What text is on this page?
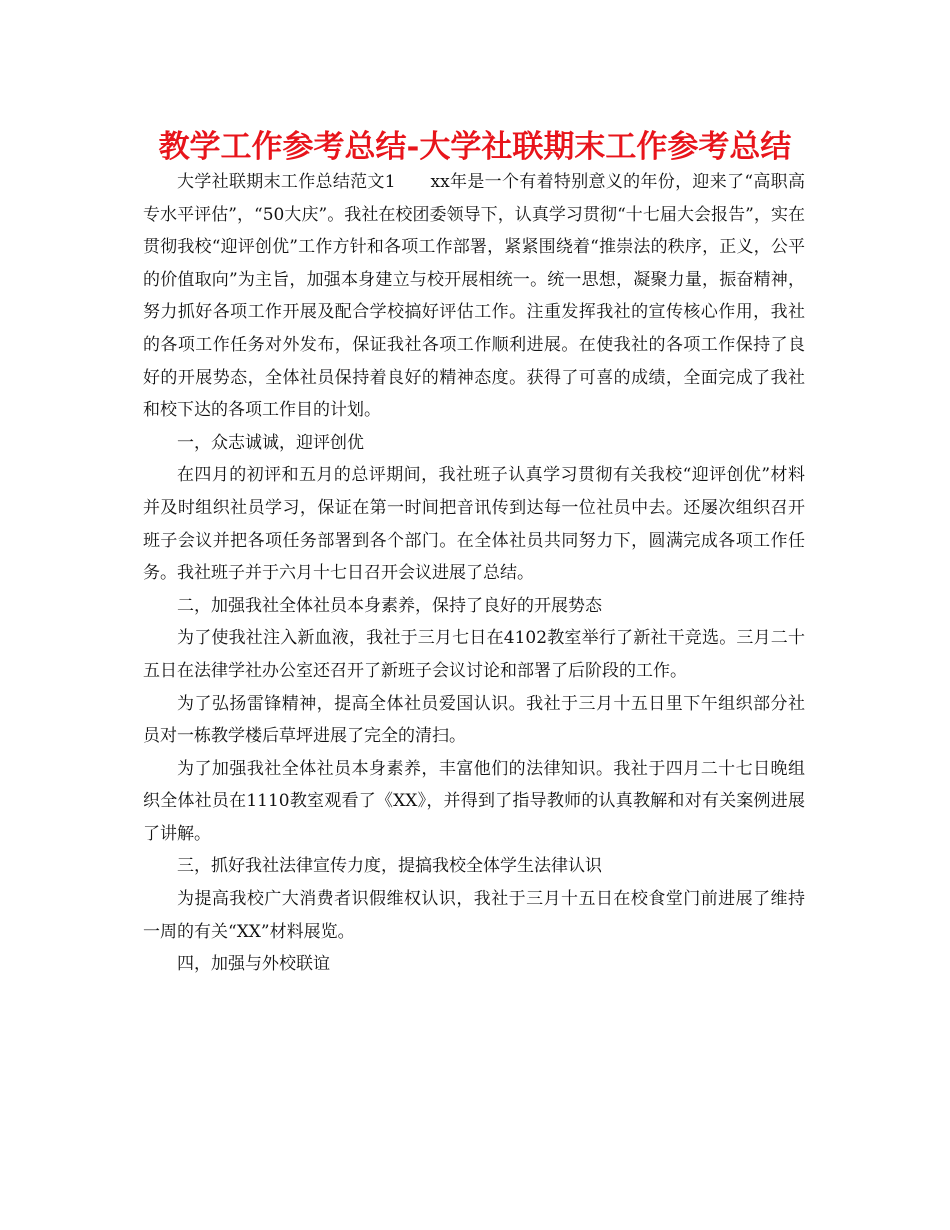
教学工作参考总结-大学社联期末工作参考总结

大学社联期末工作总结范文1　　xx年是一个有着特别意义的年份，迎来了“高职高专水平评估”，“50大庆”。我社在校团委领导下，认真学习贯彻“十七届大会报告”，实在贯彻我校“迎评创优”工作方针和各项工作部署，紧紧围绕着“推崇法的秩序，正义，公平的价值取向”为主旨，加强本身建立与校开展相统一。统一思想，凝聚力量，振奋精神，努力抓好各项工作开展及配合学校搞好评估工作。注重发挥我社的宣传核心作用，我社的各项工作任务对外发布，保证我社各项工作顺利进展。在使我社的各项工作保持了良好的开展势态，全体社员保持着良好的精神态度。获得了可喜的成绩，全面完成了我社和校下达的各项工作目的计划。

一，众志诚诚，迎评创优

在四月的初评和五月的总评期间，我社班子认真学习贯彻有关我校“迎评创优”材料并及时组织社员学习，保证在第一时间把音讯传到达每一位社员中去。还屡次组织召开班子会议并把各项任务部署到各个部门。在全体社员共同努力下，圆满完成各项工作任务。我社班子并于六月十七日召开会议进展了总结。

二，加强我社全体社员本身素养，保持了良好的开展势态

为了使我社注入新血液，我社于三月七日在4102教室举行了新社干竞选。三月二十五日在法律学社办公室还召开了新班子会议讨论和部署了后阶段的工作。

为了弘扬雷锋精神，提高全体社员爱国认识。我社于三月十五日里下午组织部分社员对一栋教学楼后草坪进展了完全的清扫。

为了加强我社全体社员本身素养，丰富他们的法律知识。我社于四月二十七日晚组织全体社员在1110教室观看了《XX》，并得到了指导教师的认真教解和对有关案例进展了讲解。

三，抓好我社法律宣传力度，提搞我校全体学生法律认识

为提高我校广大消费者识假维权认识，我社于三月十五日在校食堂门前进展了维持一周的有关“XX”材料展览。

四，加强与外校联谊
